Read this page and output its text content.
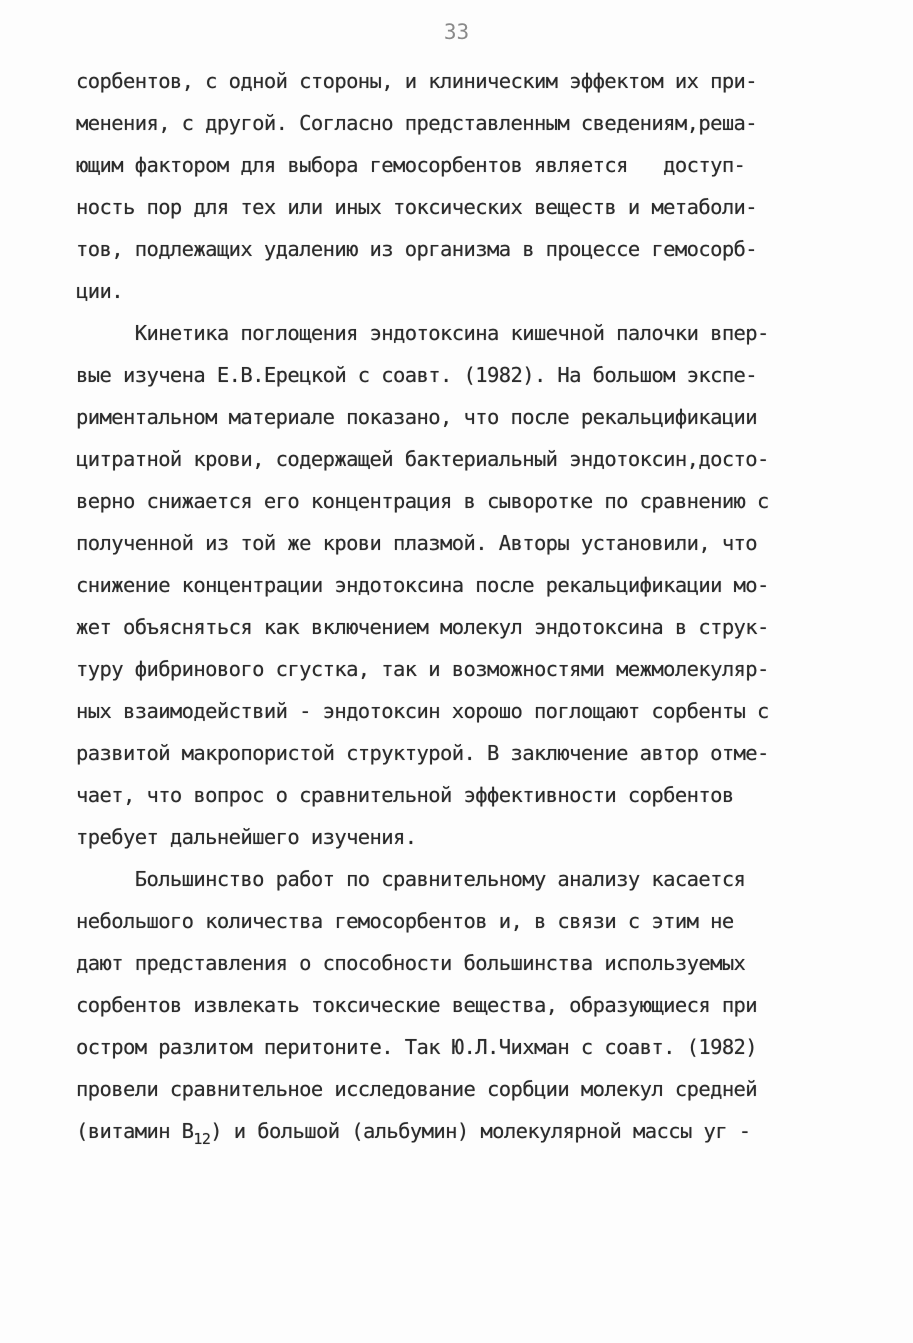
33
сорбентов, с одной стороны, и клиническим эффектом их при-
менения, с другой. Согласно представленным сведениям,реша-
ющим фактором для выбора гемосорбентов является   доступ-
ность пор для тех или иных токсических веществ и метаболи-
тов, подлежащих удалению из организма в процессе гемосорб-
ции.
Кинетика поглощения эндотоксина кишечной палочки впер-
вые изучена Е.В.Ерецкой с соавт. (1982). На большом экспе-
риментальном материале показано, что после рекальцификации
цитратной крови, содержащей бактериальный эндотоксин,досто-
верно снижается его концентрация в сыворотке по сравнению с
полученной из той же крови плазмой. Авторы установили, что
снижение концентрации эндотоксина после рекальцификации мо-
жет объясняться как включением молекул эндотоксина в струк-
туру фибринового сгустка, так и возможностями межмолекуляр-
ных взаимодействий - эндотоксин хорошо поглощают сорбенты с
развитой макропористой структурой. В заключение автор отме-
чает, что вопрос о сравнительной эффективности сорбентов
требует дальнейшего изучения.
Большинство работ по сравнительному анализу касается
небольшого количества гемосорбентов и, в связи с этим не
дают представления о способности большинства используемых
сорбентов извлекать токсические вещества, образующиеся при
остром разлитом перитоните. Так Ю.Л.Чихман с соавт. (1982)
провели сравнительное исследование сорбции молекул средней
(витамин $В_{12}$) и большой (альбумин) молекулярной массы уг -
